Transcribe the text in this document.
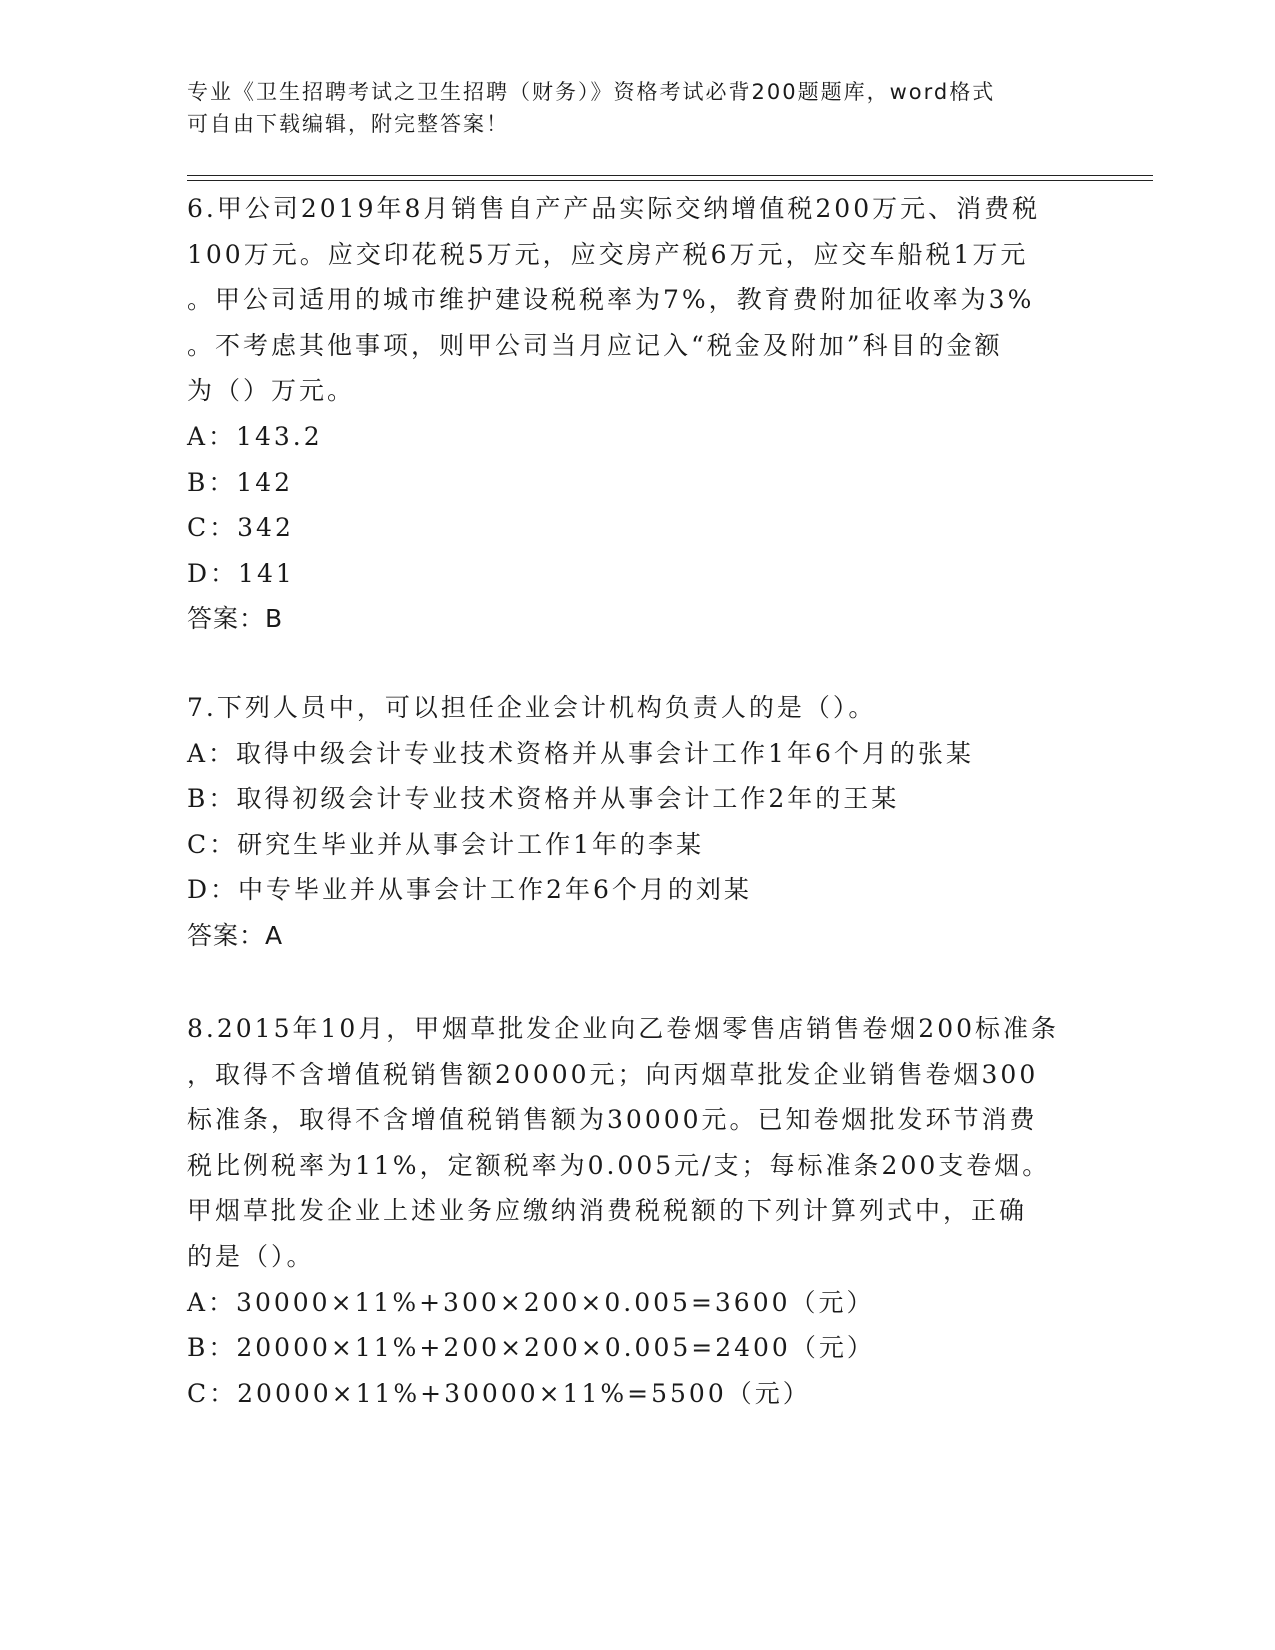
专业《卫生招聘考试之卫生招聘（财务）》资格考试必背200题题库，word格式

可自由下载编辑，附完整答案！

6.甲公司2019年8月销售自产产品实际交纳增值税200万元、消费税

100万元。应交印花税5万元，应交房产税6万元，应交车船税1万元

。甲公司适用的城市维护建设税税率为7%，教育费附加征收率为3%

。不考虑其他事项，则甲公司当月应记入“税金及附加”科目的金额

为（）万元。

A：143.2

B：142

C：342

D：141

答案：B

7.下列人员中，可以担任企业会计机构负责人的是（）。

A：取得中级会计专业技术资格并从事会计工作1年6个月的张某

B：取得初级会计专业技术资格并从事会计工作2年的王某

C：研究生毕业并从事会计工作1年的李某

D：中专毕业并从事会计工作2年6个月的刘某

答案：A

8.2015年10月，甲烟草批发企业向乙卷烟零售店销售卷烟200标准条

，取得不含增值税销售额20000元；向丙烟草批发企业销售卷烟300

标准条，取得不含增值税销售额为30000元。已知卷烟批发环节消费

税比例税率为11%，定额税率为0.005元/支；每标准条200支卷烟。

甲烟草批发企业上述业务应缴纳消费税税额的下列计算列式中，正确

的是（）。

A：30000×11%+300×200×0.005=3600（元）

B：20000×11%+200×200×0.005=2400（元）

C：20000×11%+30000×11%=5500（元）
